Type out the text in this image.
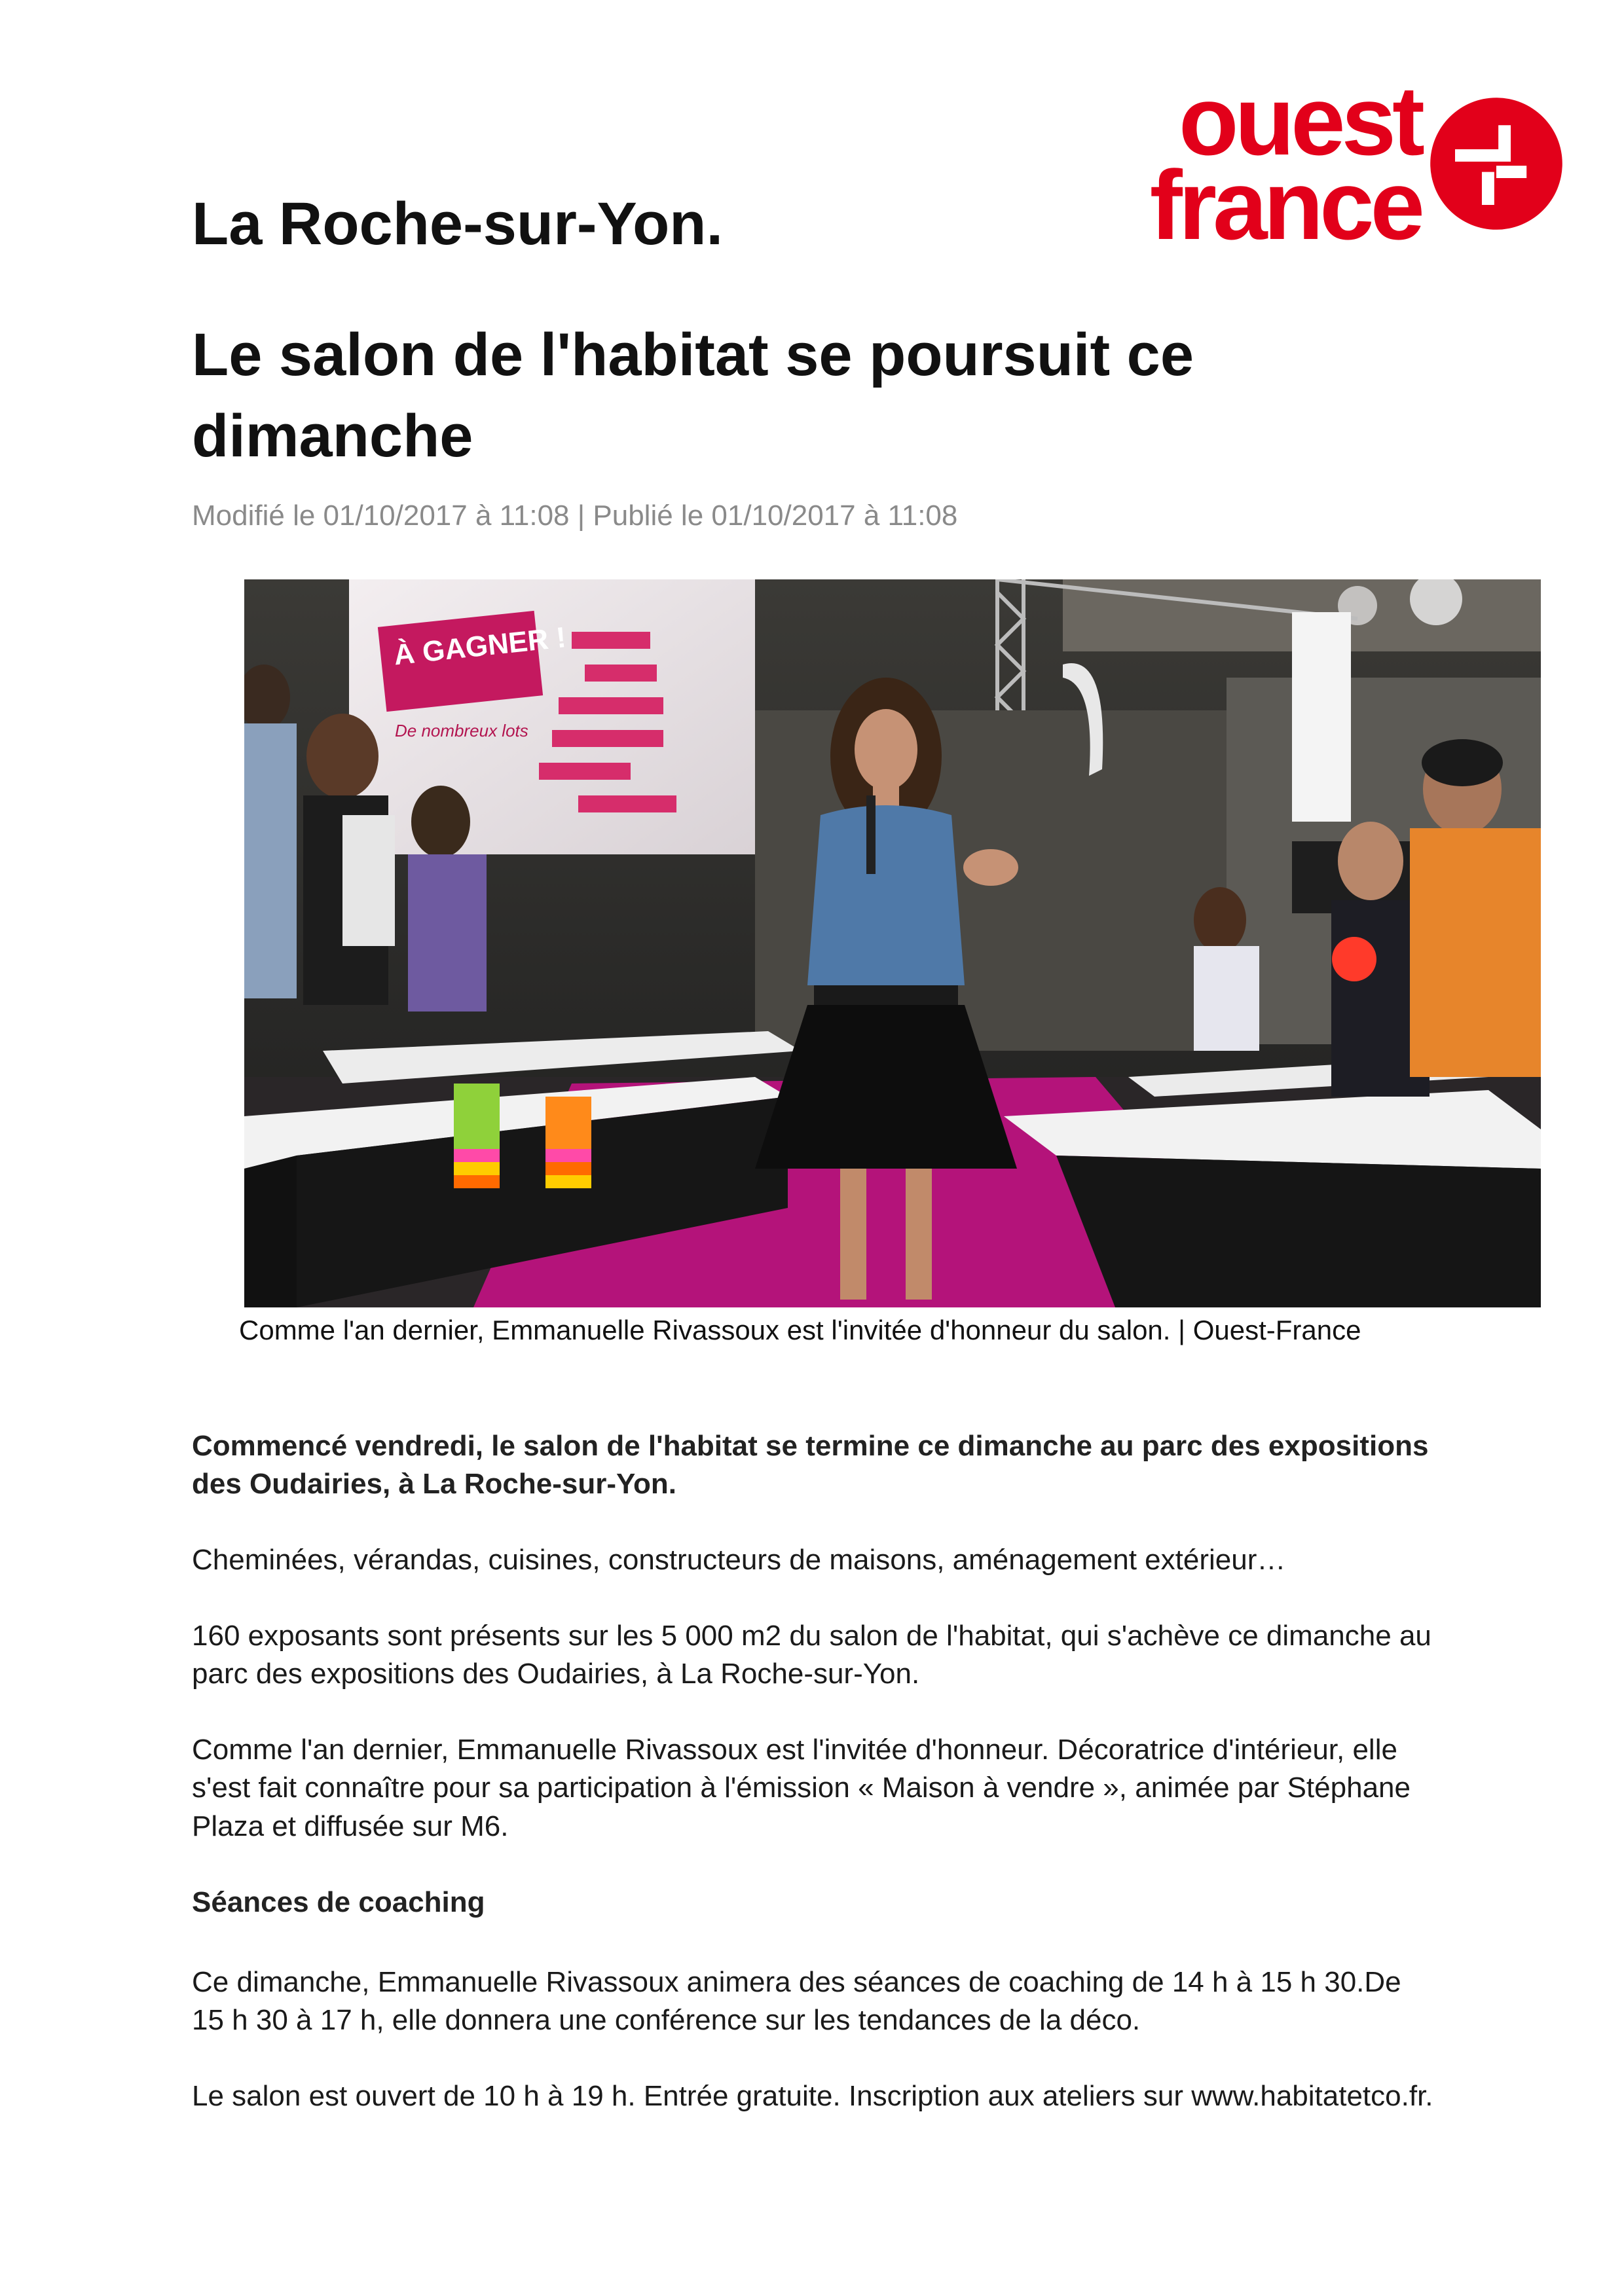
ouest
france
La Roche-sur-Yon.
Le salon de l'habitat se poursuit ce dimanche
Modifié le 01/10/2017 à 11:08 | Publié le 01/10/2017 à 11:08
À GAGNER !
De nombreux lots
Comme l'an dernier, Emmanuelle Rivassoux est l'invitée d'honneur du salon. | Ouest-France

Commencé vendredi, le salon de l'habitat se termine ce dimanche au parc des expositions des Oudairies, à La Roche-sur-Yon.

Cheminées, vérandas, cuisines, constructeurs de maisons, aménagement extérieur…

160 exposants sont présents sur les 5 000 m2 du salon de l'habitat, qui s'achève ce dimanche au parc des expositions des Oudairies, à La Roche-sur-Yon.

Comme l'an dernier, Emmanuelle Rivassoux est l'invitée d'honneur. Décoratrice d'intérieur, elle s'est fait connaître pour sa participation à l'émission « Maison à vendre », animée par Stéphane Plaza et diffusée sur M6.

Séances de coaching

Ce dimanche, Emmanuelle Rivassoux animera des séances de coaching de 14 h à 15 h 30.De 15 h 30 à 17 h, elle donnera une conférence sur les tendances de la déco.

Le salon est ouvert de 10 h à 19 h. Entrée gratuite. Inscription aux ateliers sur www.habitatetco.fr.
